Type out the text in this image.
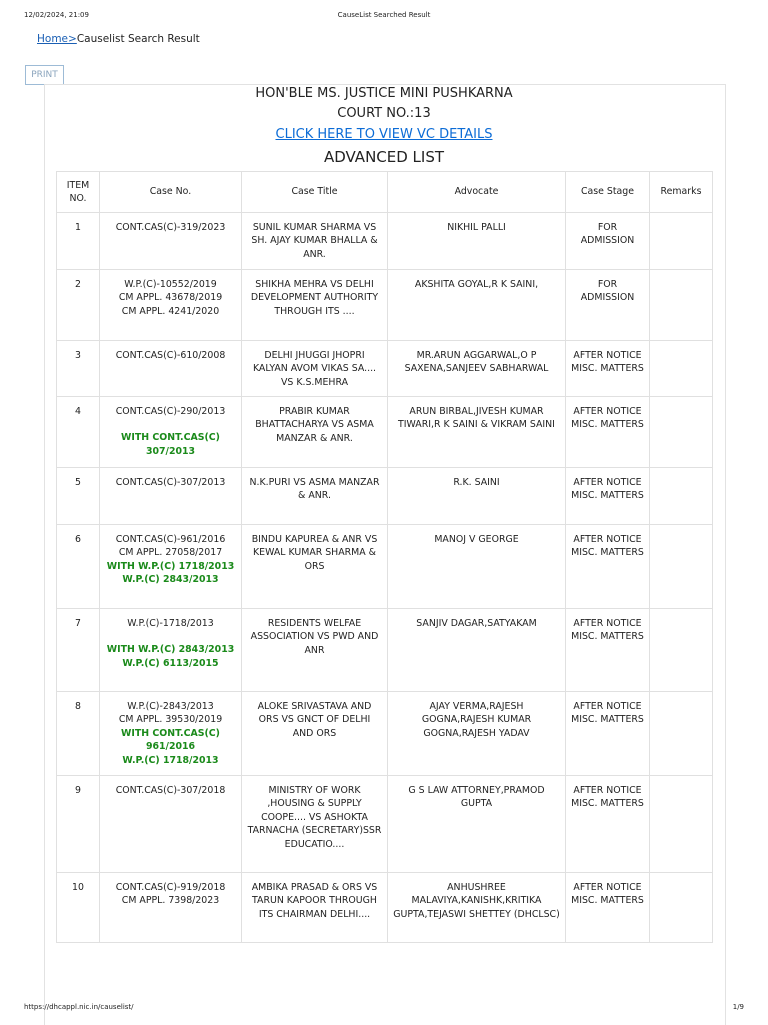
12/02/2024, 21:09	CauseList Searched Result
Home>Causelist Search Result
PRINT
HON'BLE MS. JUSTICE MINI PUSHKARNA
COURT NO.:13
CLICK HERE TO VIEW VC DETAILS
ADVANCED LIST
ITEM
NO.	Case No.	Case Title	Advocate	Case Stage	Remarks
1	CONT.CAS(C)-319/2023	SUNIL KUMAR SHARMA VS SH. AJAY KUMAR BHALLA & ANR.	NIKHIL PALLI	FOR ADMISSION	
2	W.P.(C)-10552/2019
CM APPL. 43678/2019
CM APPL. 4241/2020	SHIKHA MEHRA VS DELHI DEVELOPMENT AUTHORITY THROUGH ITS ....	AKSHITA GOYAL,R K SAINI,	FOR ADMISSION	
3	CONT.CAS(C)-610/2008	DELHI JHUGGI JHOPRI KALYAN AVOM VIKAS SA.... VS K.S.MEHRA	MR.ARUN AGGARWAL,O P SAXENA,SANJEEV SABHARWAL	AFTER NOTICE MISC. MATTERS	
4	CONT.CAS(C)-290/2013
WITH CONT.CAS(C) 307/2013	PRABIR KUMAR BHATTACHARYA VS ASMA MANZAR & ANR.	ARUN BIRBAL,JIVESH KUMAR TIWARI,R K SAINI & VIKRAM SAINI	AFTER NOTICE MISC. MATTERS	
5	CONT.CAS(C)-307/2013	N.K.PURI VS ASMA MANZAR & ANR.	R.K. SAINI	AFTER NOTICE MISC. MATTERS	
6	CONT.CAS(C)-961/2016
CM APPL. 27058/2017
WITH W.P.(C) 1718/2013
W.P.(C) 2843/2013	BINDU KAPUREA & ANR VS KEWAL KUMAR SHARMA & ORS	MANOJ V GEORGE	AFTER NOTICE MISC. MATTERS	
7	W.P.(C)-1718/2013
WITH W.P.(C) 2843/2013
W.P.(C) 6113/2015	RESIDENTS WELFAE ASSOCIATION VS PWD AND ANR	SANJIV DAGAR,SATYAKAM	AFTER NOTICE MISC. MATTERS	
8	W.P.(C)-2843/2013
CM APPL. 39530/2019
WITH CONT.CAS(C) 961/2016
W.P.(C) 1718/2013	ALOKE SRIVASTAVA AND ORS VS GNCT OF DELHI AND ORS	AJAY VERMA,RAJESH GOGNA,RAJESH KUMAR GOGNA,RAJESH YADAV	AFTER NOTICE MISC. MATTERS	
9	CONT.CAS(C)-307/2018	MINISTRY OF WORK ,HOUSING & SUPPLY COOPE.... VS ASHOKTA TARNACHA (SECRETARY)SSR EDUCATIO....	G S LAW ATTORNEY,PRAMOD GUPTA	AFTER NOTICE MISC. MATTERS	
10	CONT.CAS(C)-919/2018
CM APPL. 7398/2023	AMBIKA PRASAD & ORS VS TARUN KAPOOR THROUGH ITS CHAIRMAN DELHI....	ANHUSHREE MALAVIYA,KANISHK,KRITIKA GUPTA,TEJASWI SHETTEY (DHCLSC)	AFTER NOTICE MISC. MATTERS	
https://dhcappl.nic.in/causelist/	1/9
